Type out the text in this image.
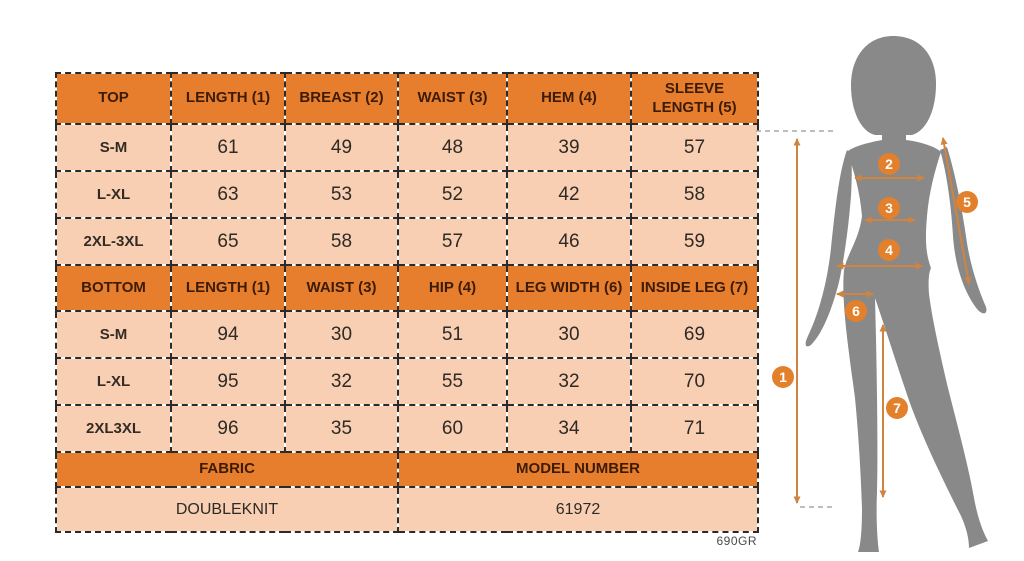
TOP	LENGTH (1)	BREAST (2)	WAIST (3)	HEM (4)	SLEEVE LENGTH (5)
S-M	61	49	48	39	57
L-XL	63	53	52	42	58
2XL-3XL	65	58	57	46	59
BOTTOM	LENGTH (1)	WAIST (3)	HIP (4)	LEG WIDTH (6)	INSIDE LEG (7)
S-M	94	30	51	30	69
L-XL	95	32	55	32	70
2XL3XL	96	35	60	34	71
FABRIC			MODEL NUMBER		
DOUBLEKNIT			61972		
690GR
1
2
3
4
5
6
7
